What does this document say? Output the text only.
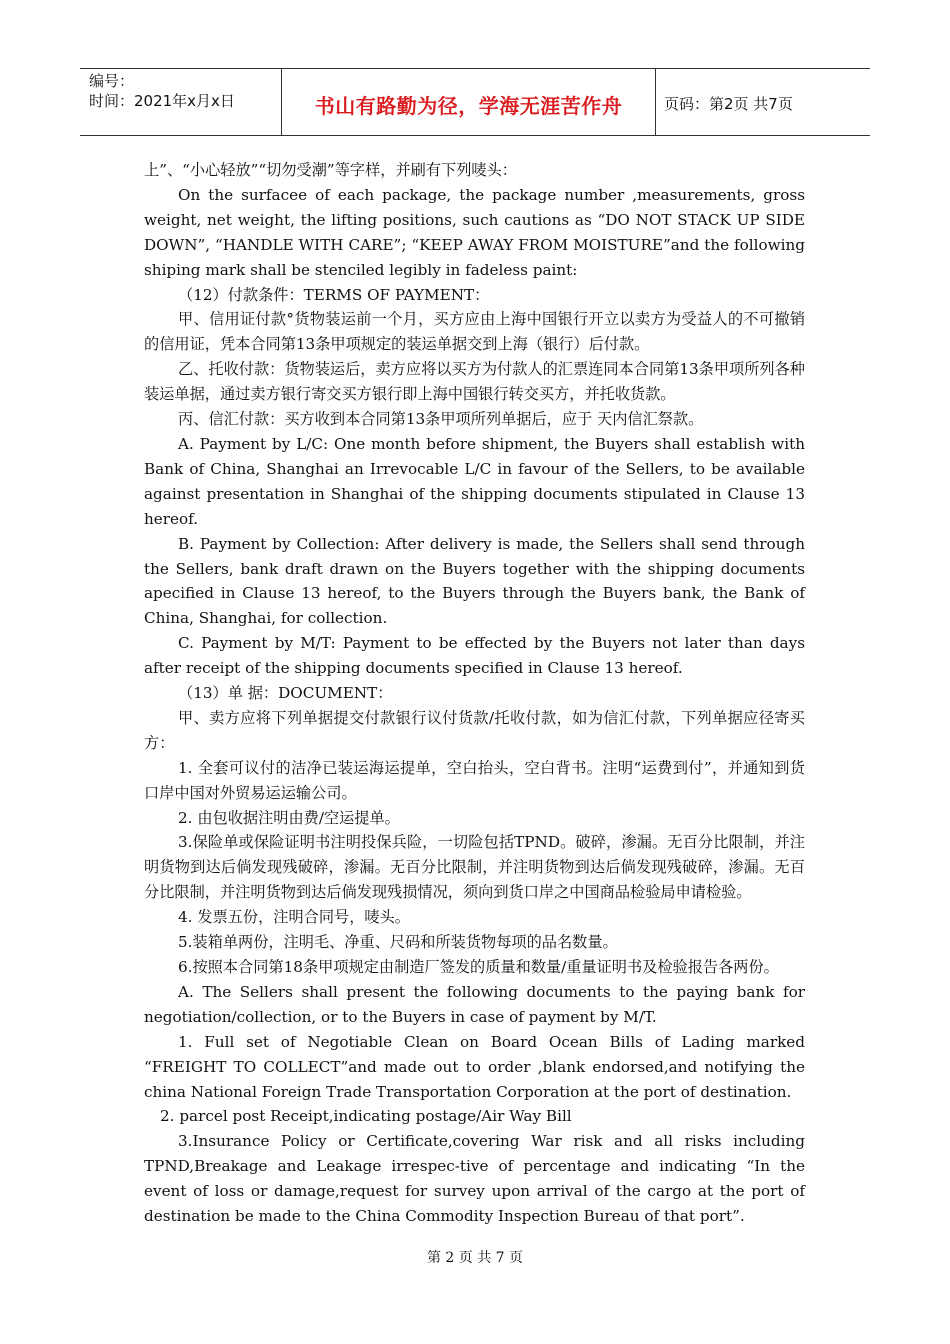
编号：
时间：2021年x月x日	书山有路勤为径，学海无涯苦作舟	页码：第2页 共7页

上”、“小心轻放”“切勿受潮”等字样，并刷有下列唛头：

On the surfacee of each package, the package number ,measurements, gross weight, net weight, the lifting positions, such cautions as “DO NOT STACK UP SIDE DOWN”, “HANDLE WITH CARE”; “KEEP AWAY FROM MOISTURE”and the following shiping mark shall be stenciled legibly in fadeless paint:

（12）付款条件：TERMS OF PAYMENT：

甲、信用证付款°货物装运前一个月，买方应由上海中国银行开立以卖方为受益人的不可撤销的信用证，凭本合同第13条甲项规定的装运单据交到上海（银行）后付款。

乙、托收付款：货物装运后，卖方应将以买方为付款人的汇票连同本合同第13条甲项所列各种装运单据，通过卖方银行寄交买方银行即上海中国银行转交买方，并托收货款。

丙、信汇付款：买方收到本合同第13条甲项所列单据后，应于 天内信汇祭款。

A. Payment by L/C: One month before shipment, the Buyers shall establish with Bank of China, Shanghai an Irrevocable L/C in favour of the Sellers, to be available against presentation in Shanghai of the shipping documents stipulated in Clause 13 hereof.

B. Payment by Collection: After delivery is made, the Sellers shall send through the Sellers, bank draft drawn on the Buyers together with the shipping documents apecified in Clause 13 hereof, to the Buyers through the Buyers bank, the Bank of China, Shanghai, for collection.

C. Payment by M/T: Payment to be effected by the Buyers not later than days after receipt of the shipping documents specified in Clause 13 hereof.

（13）单 据：DOCUMENT：

甲、卖方应将下列单据提交付款银行议付货款/托收付款，如为信汇付款，下列单据应径寄买方：

1. 全套可议付的洁净已装运海运提单，空白抬头，空白背书。注明“运费到付”，并通知到货口岸中国对外贸易运运输公司。

2. 由包收据注明由费/空运提单。

3.保险单或保险证明书注明投保兵险，一切险包括TPND。破碎，渗漏。无百分比限制，并注明货物到达后倘发现残破碎，渗漏。无百分比限制，并注明货物到达后倘发现残破碎，渗漏。无百分比限制，并注明货物到达后倘发现残损情况，须向到货口岸之中国商品检验局申请检验。

4. 发票五份，注明合同号，唛头。

5.装箱单两份，注明毛、净重、尺码和所装货物每项的品名数量。

6.按照本合同第18条甲项规定由制造厂签发的质量和数量/重量证明书及检验报告各两份。

A. The Sellers shall present the following documents to the paying bank for negotiation/collection, or to the Buyers in case of payment by M/T.

1. Full set of Negotiable Clean on Board Ocean Bills of Lading marked “FREIGHT TO COLLECT”and made out to order ,blank endorsed,and notifying the china National Foreign Trade Transportation Corporation at the port of destination.

2. parcel post Receipt,indicating postage/Air Way Bill

3.Insurance Policy or Certificate,covering War risk and all risks including TPND,Breakage and Leakage irrespec-tive of percentage and indicating “In the event of loss or damage,request for survey upon arrival of the cargo at the port of destination be made to the China Commodity Inspection Bureau of that port”.

第 2 页 共 7 页
